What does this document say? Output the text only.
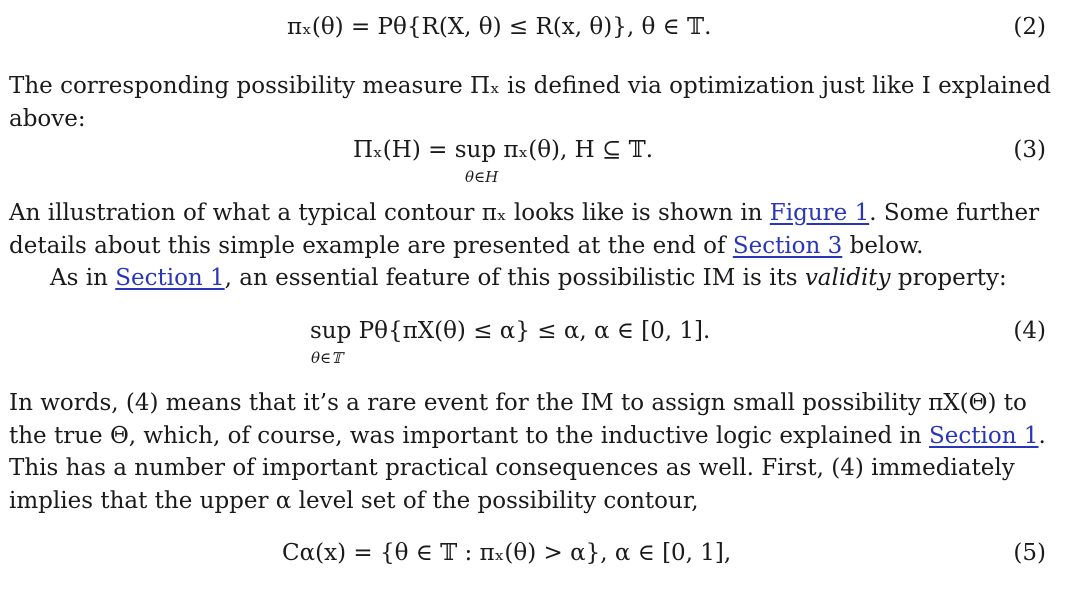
πₓ(θ) = Pθ{R(X, θ) ≤ R(x, θ)}, θ ∈ 𝕋.	(2)
The corresponding possibility measure Πₓ is defined via optimization just like I explained
above:
Πₓ(H) = sup πₓ(θ), H ⊆ 𝕋.
θ∈H
(3)
An illustration of what a typical contour πₓ looks like is shown in Figure 1. Some further
details about this simple example are presented at the end of Section 3 below.
As in Section 1, an essential feature of this possibilistic IM is its validity property:
sup Pθ{πX(θ) ≤ α} ≤ α, α ∈ [0, 1].
θ∈𝕋
(4)
In words, (4) means that it’s a rare event for the IM to assign small possibility πX(Θ) to
the true Θ, which, of course, was important to the inductive logic explained in Section 1.
This has a number of important practical consequences as well. First, (4) immediately
implies that the upper α level set of the possibility contour,
Cα(x) = {θ ∈ 𝕋 : πₓ(θ) > α}, α ∈ [0, 1],	(5)
